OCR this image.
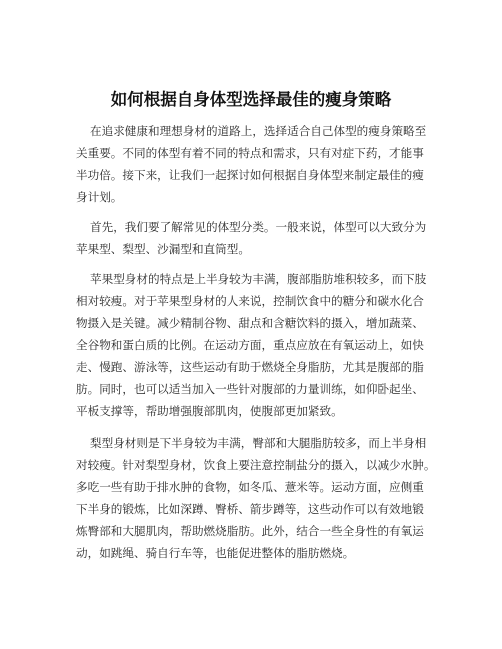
如何根据自身体型选择最佳的瘦身策略
在追求健康和理想身材的道路上，选择适合自己体型的瘦身策略至
关重要。不同的体型有着不同的特点和需求，只有对症下药，才能事
半功倍。接下来，让我们一起探讨如何根据自身体型来制定最佳的瘦
身计划。
首先，我们要了解常见的体型分类。一般来说，体型可以大致分为
苹果型、梨型、沙漏型和直筒型。
苹果型身材的特点是上半身较为丰满，腹部脂肪堆积较多，而下肢
相对较瘦。对于苹果型身材的人来说，控制饮食中的糖分和碳水化合
物摄入是关键。减少精制谷物、甜点和含糖饮料的摄入，增加蔬菜、
全谷物和蛋白质的比例。在运动方面，重点应放在有氧运动上，如快
走、慢跑、游泳等，这些运动有助于燃烧全身脂肪，尤其是腹部的脂
肪。同时，也可以适当加入一些针对腹部的力量训练，如仰卧起坐、
平板支撑等，帮助增强腹部肌肉，使腹部更加紧致。
梨型身材则是下半身较为丰满，臀部和大腿脂肪较多，而上半身相
对较瘦。针对梨型身材，饮食上要注意控制盐分的摄入，以减少水肿。
多吃一些有助于排水肿的食物，如冬瓜、薏米等。运动方面，应侧重
下半身的锻炼，比如深蹲、臀桥、箭步蹲等，这些动作可以有效地锻
炼臀部和大腿肌肉，帮助燃烧脂肪。此外，结合一些全身性的有氧运
动，如跳绳、骑自行车等，也能促进整体的脂肪燃烧。
